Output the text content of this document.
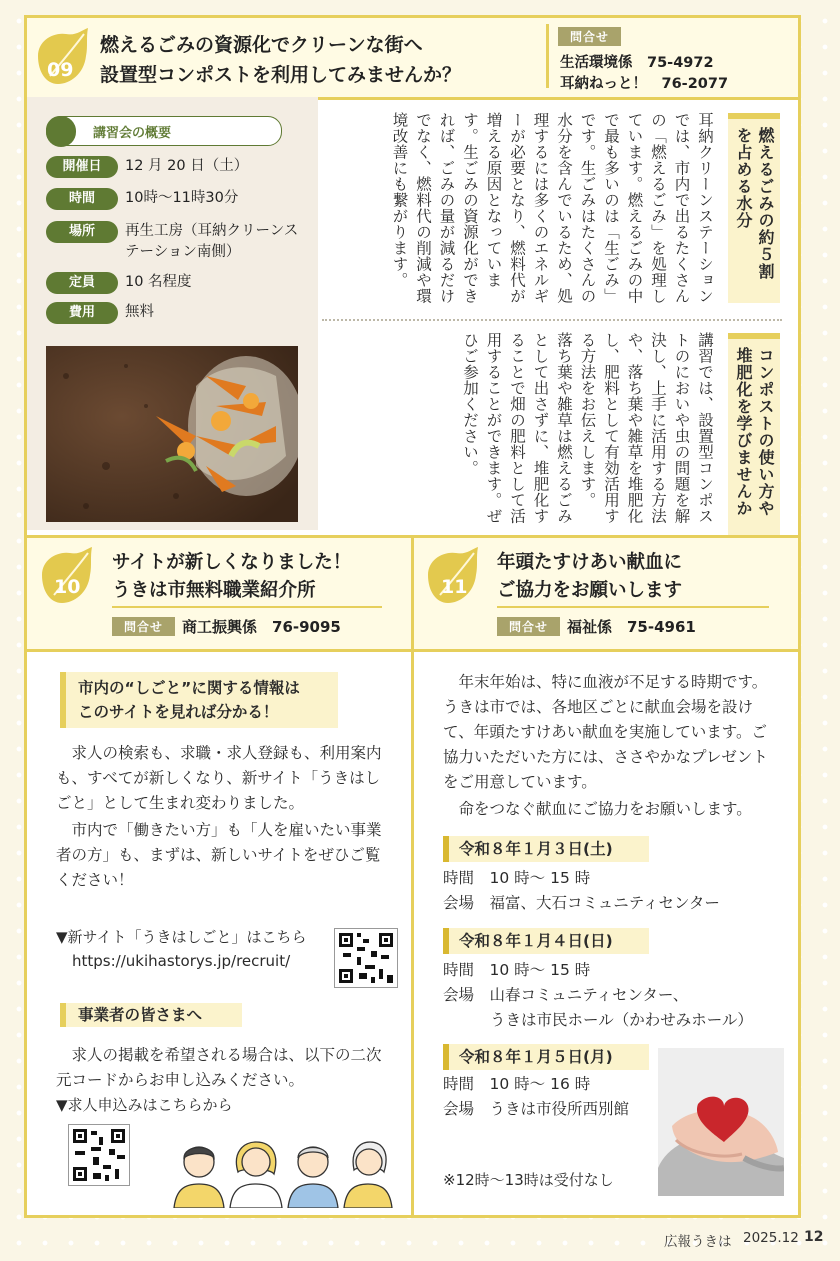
09
燃えるごみの資源化でクリーンな街へ
設置型コンポストを利用してみませんか？
問合せ
生活環境係　75-4972
耳納ねっと！　76-2077
講習会の概要
開催日	12 月 20 日（土）
時間	10時～11時30分
場所	再生工房（耳納クリーンステーション南側）
定員	10 名程度
費用	無料
燃えるごみの約５割を占める水分
耳納クリーンステーションでは、市内で出るたくさんの「燃えるごみ」を処理しています。燃えるごみの中で最も多いのは「生ごみ」です。生ごみはたくさんの水分を含んでいるため、処理するには多くのエネルギーが必要となり、燃料代が増える原因となっています。生ごみの資源化ができれば、ごみの量が減るだけでなく、燃料代の削減や環境改善にも繋がります。
コンポストの使い方や堆肥化を学びませんか
講習では、設置型コンポストのにおいや虫の問題を解決し、上手に活用する方法や、落ち葉や雑草を堆肥化し、肥料として有効活用する方法をお伝えします。　落ち葉や雑草は燃えるごみとして出さずに、堆肥化することで畑の肥料として活用することができます。ぜひご参加ください。
10
サイトが新しくなりました！
うきは市無料職業紹介所
問合せ	商工振興係　76-9095
市内の“しごと”に関する情報は
このサイトを見れば分かる！
　求人の検索も、求職・求人登録も、利用案内も、すべてが新しくなり、新サイト「うきはしごと」として生まれ変わりました。
　市内で「働きたい方」も「人を雇いたい事業者の方」も、まずは、新しいサイトをぜひご覧ください！
▼新サイト「うきはしごと」はこちら
https://ukihastorys.jp/recruit/
事業者の皆さまへ
　求人の掲載を希望される場合は、以下の二次元コードからお申し込みください。
▼求人申込みはこちらから
11
年頭たすけあい献血に
ご協力をお願いします
問合せ	福祉係　75-4961
　年末年始は、特に血液が不足する時期です。うきは市では、各地区ごとに献血会場を設けて、年頭たすけあい献血を実施しています。ご協力いただいた方には、ささやかなプレゼントをご用意しています。
　命をつなぐ献血にご協力をお願いします。
令和８年１月３日(土)
時間　10 時～ 15 時
会場　福富、大石コミュニティセンター
令和８年１月４日(日)
時間　10 時～ 15 時
会場　山春コミュニティセンター、
うきは市民ホール（かわせみホール）
令和８年１月５日(月)
時間　10 時～ 16 時
会場　うきは市役所西別館
※12時～13時は受付なし
広報うきは 2025.12 12
